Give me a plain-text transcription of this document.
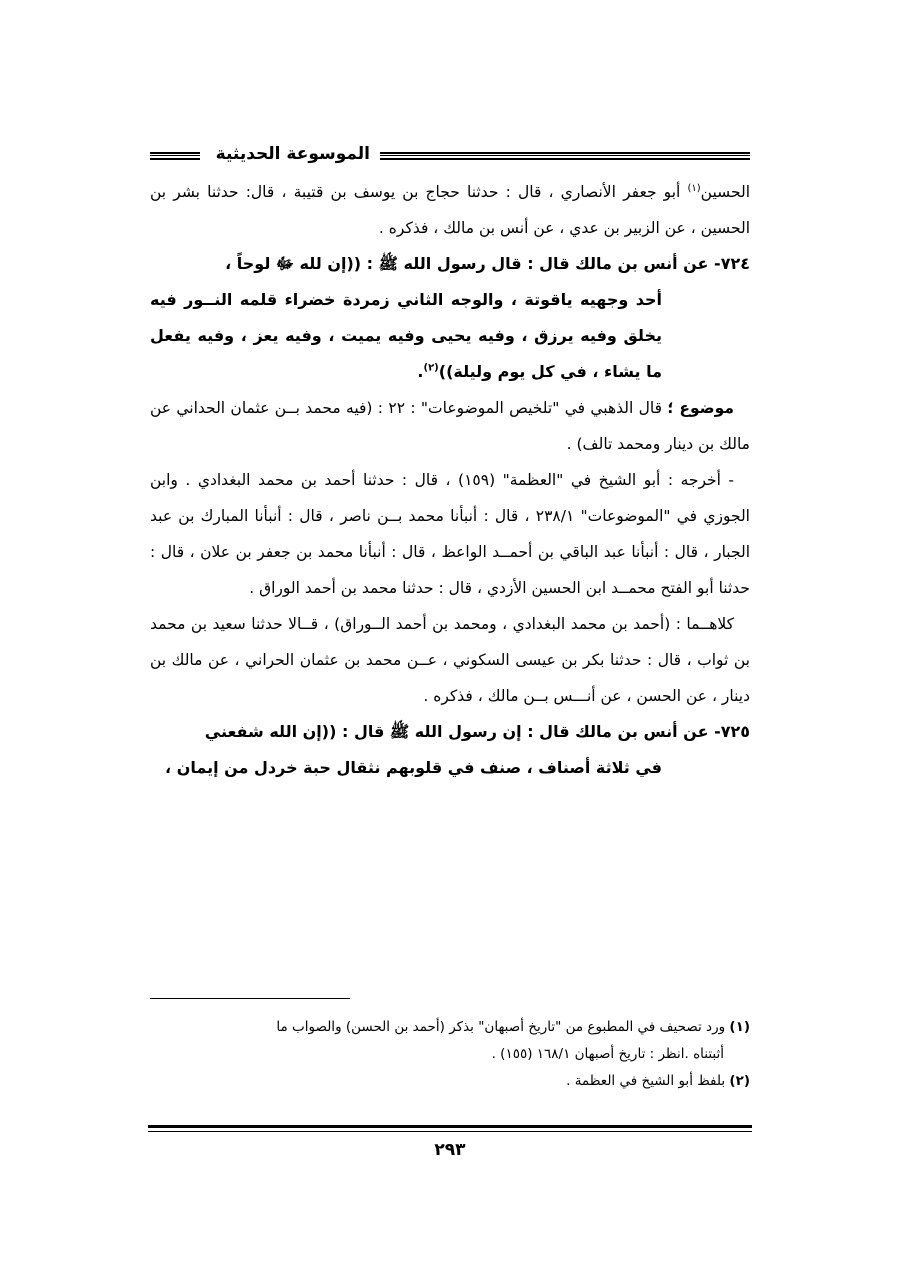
الموسوعة الحديثية

الحسين$^{(١)}$ أبو جعفر الأنصاري ، قال : حدثنا حجاج بن يوسف بن قتيبة ، قال: حدثنا بشر بن الحسين ، عن الزبير بن عدي ، عن أنس بن مالك ، فذكره .

٧٢٤- عن أنس بن مالك قال : قال رسول الله ﷺ : ((إن لله ﷻ لوحاً ،
أحد وجهيه ياقوتة ، والوجه الثاني زمردة خضراء قلمه النــور فيه يخلق وفيه يرزق ، وفيه يحيى وفيه يميت ، وفيه يعز ، وفيه يفعل ما يشاء ، في كل يوم وليلة))$^{(٢)}$.

موضوع ؛ قال الذهبي في "تلخيص الموضوعات" : ٢٢ : (فيه محمد بــن عثمان الحداني عن مالك بن دينار ومحمد تالف) .

- أخرجه : أبو الشيخ في "العظمة" (١٥٩) ، قال : حدثنا أحمد بن محمد البغدادي . وابن الجوزي في "الموضوعات" ٢٣٨/١ ، قال : أنبأنا محمد بــن ناصر ، قال : أنبأنا المبارك بن عبد الجبار ، قال : أنبأنا عبد الباقي بن أحمــد الواعظ ، قال : أنبأنا محمد بن جعفر بن علان ، قال : حدثنا أبو الفتح محمــد ابن الحسين الأزدي ، قال : حدثنا محمد بن أحمد الوراق .

كلاهــما : (أحمد بن محمد البغدادي ، ومحمد بن أحمد الــوراق) ، قــالا حدثنا سعيد بن محمد بن ثواب ، قال : حدثنا بكر بن عيسى السكوني ، عــن محمد بن عثمان الحراني ، عن مالك بن دينار ، عن الحسن ، عن أنـــس بــن مالك ، فذكره .

٧٢٥- عن أنس بن مالك قال : إن رسول الله ﷺ قال : ((إن الله شفعني
في ثلاثة أصناف ، صنف في قلوبهم نثقال حبة خردل من إيمان ،

(١) ورد تصحيف في المطبوع من "تاريخ أصبهان" بذكر (أحمد بن الحسن) والصواب ما
أثبتناه .انظر : تاريخ أصبهان ١٦٨/١ (١٥٥) .

(٢) بلفظ أبو الشيخ في العظمة .

٢٩٣
